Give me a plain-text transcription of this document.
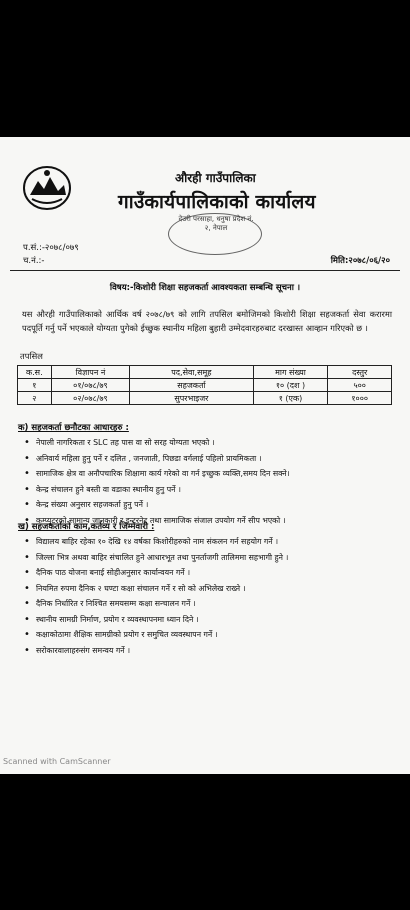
औरही गाउँपालिका
गाउँकार्यपालिकाको कार्यालय
देउरी परसाहा, धनुषा प्रदेश नं. २, नेपाल
प.सं.:-२०७८/०७९
च.नं.:-	मिति:२०७८/०६/२०
विषय:-किशोरी शिक्षा सहजकर्ता आवश्यकता सम्बन्धि सूचना ।
यस औरही गाउँपालिकाको आर्थिक वर्ष २०७८/७९ को लागि तपसिल बमोजिमको किशोरी शिक्षा सहजकर्ता सेवा करारमा पदपूर्ति गर्नु पर्ने भएकाले योग्यता पुगेको ईच्छुक स्थानीय महिला बुहारी उम्मेदवारहरुबाट दरखास्त आव्हान गरिएको छ ।
तपसिल
क.स.	विज्ञापन नं	पद,सेवा,समूह	माग संख्या	दस्तुर
१	०१/०७८/७९	सहजकर्ता	१० (दश )	५००
२	०२/०७८/७९	सुपरभाइजर	१ (एक)	१०००
क) सहजकर्ता छनौटका आधारहरु :
• नेपाली नागरिकता र SLC तह पास वा सो सरह योग्यता भएको ।
• अनिवार्य महिला हुनु पर्ने र दलित , जनजाती, पिछडा वर्गलाई पहिलो प्रायमिकता ।
• सामाजिक क्षेत्र वा अनौपचारिक शिक्षामा कार्य गरेको वा गर्न इच्छुक व्यक्ति,समय दिन सक्ने।
• केन्द्र संचालन हुने बस्ती वा वडाका स्थानीय हुनु पर्ने ।
• केन्द्र संख्या अनुसार सहजकर्ता हुनु पर्ने ।
• कम्प्युटरको सामान्य जानकारी र इन्टरनेट तथा सामाजिक संजाल उपयोग गर्ने सीप भएको ।
ख) सहजकर्ताको काम,कर्तव्य र जिम्मेवारी :
• विद्यालय बाहिर रहेका १० देखि १४ वर्षका किशोरीहरुको नाम संकलन गर्न सहयोग गर्ने ।
• जिल्ला भित्र अथवा बाहिर संचालित हुने आधारभूत तथा पुनर्ताजगी तालिममा सहभागी हुने ।
• दैनिक पाठ योजना बनाई सोहीअनुसार कार्यान्वयन गर्ने ।
• नियमित रुपमा दैनिक २ घण्टा कक्षा संचालन गर्ने र सो को अभिलेख राख्ने ।
• दैनिक निर्धारित र निश्चित समयसम्म कक्षा सन्चालन गर्ने ।
• स्थानीय सामग्री निर्माण, प्रयोग र व्यवस्थापनमा ध्यान दिने ।
• कक्षाकोठामा शैक्षिक सामग्रीको प्रयोग र समुचित व्यवस्थापन गर्ने ।
• सरोकारवालाहरुसंग समन्वय गर्ने ।
Scanned with CamScanner
